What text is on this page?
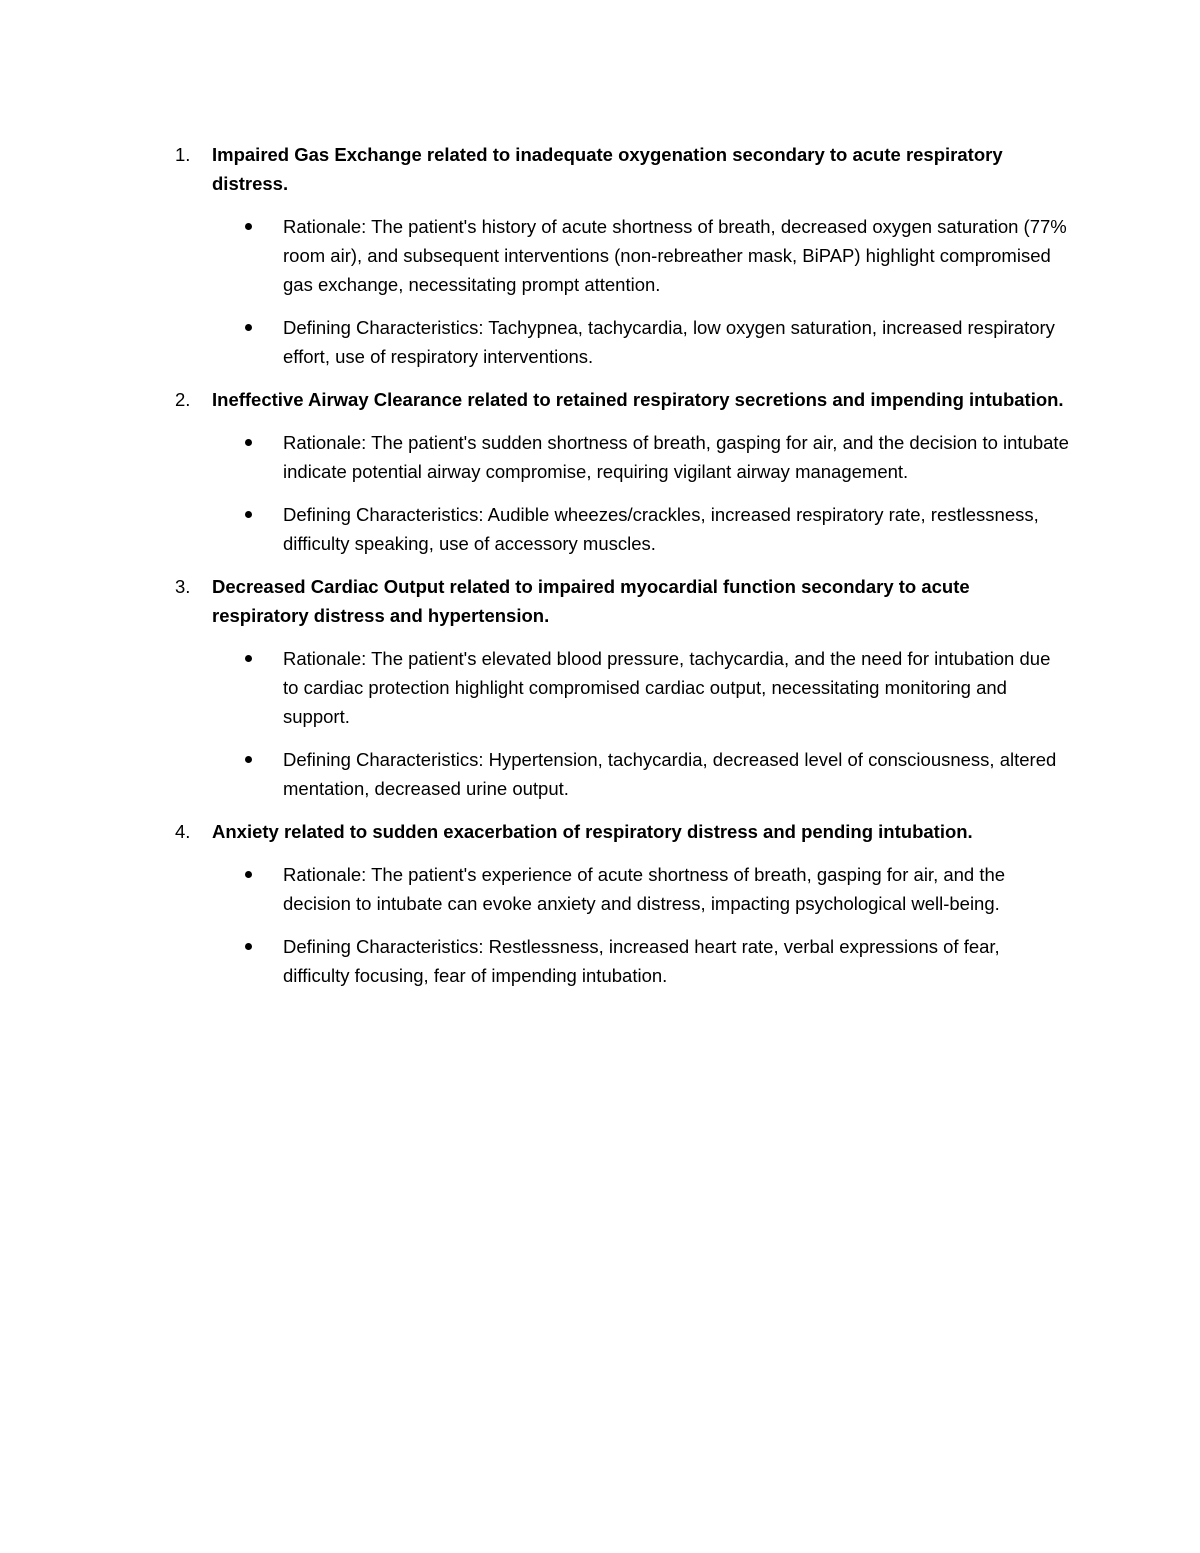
1. Impaired Gas Exchange related to inadequate oxygenation secondary to acute respiratory distress.
Rationale: The patient's history of acute shortness of breath, decreased oxygen saturation (77% room air), and subsequent interventions (non-rebreather mask, BiPAP) highlight compromised gas exchange, necessitating prompt attention.
Defining Characteristics: Tachypnea, tachycardia, low oxygen saturation, increased respiratory effort, use of respiratory interventions.
2. Ineffective Airway Clearance related to retained respiratory secretions and impending intubation.
Rationale: The patient's sudden shortness of breath, gasping for air, and the decision to intubate indicate potential airway compromise, requiring vigilant airway management.
Defining Characteristics: Audible wheezes/crackles, increased respiratory rate, restlessness, difficulty speaking, use of accessory muscles.
3. Decreased Cardiac Output related to impaired myocardial function secondary to acute respiratory distress and hypertension.
Rationale: The patient's elevated blood pressure, tachycardia, and the need for intubation due to cardiac protection highlight compromised cardiac output, necessitating monitoring and support.
Defining Characteristics: Hypertension, tachycardia, decreased level of consciousness, altered mentation, decreased urine output.
4. Anxiety related to sudden exacerbation of respiratory distress and pending intubation.
Rationale: The patient's experience of acute shortness of breath, gasping for air, and the decision to intubate can evoke anxiety and distress, impacting psychological well-being.
Defining Characteristics: Restlessness, increased heart rate, verbal expressions of fear, difficulty focusing, fear of impending intubation.
